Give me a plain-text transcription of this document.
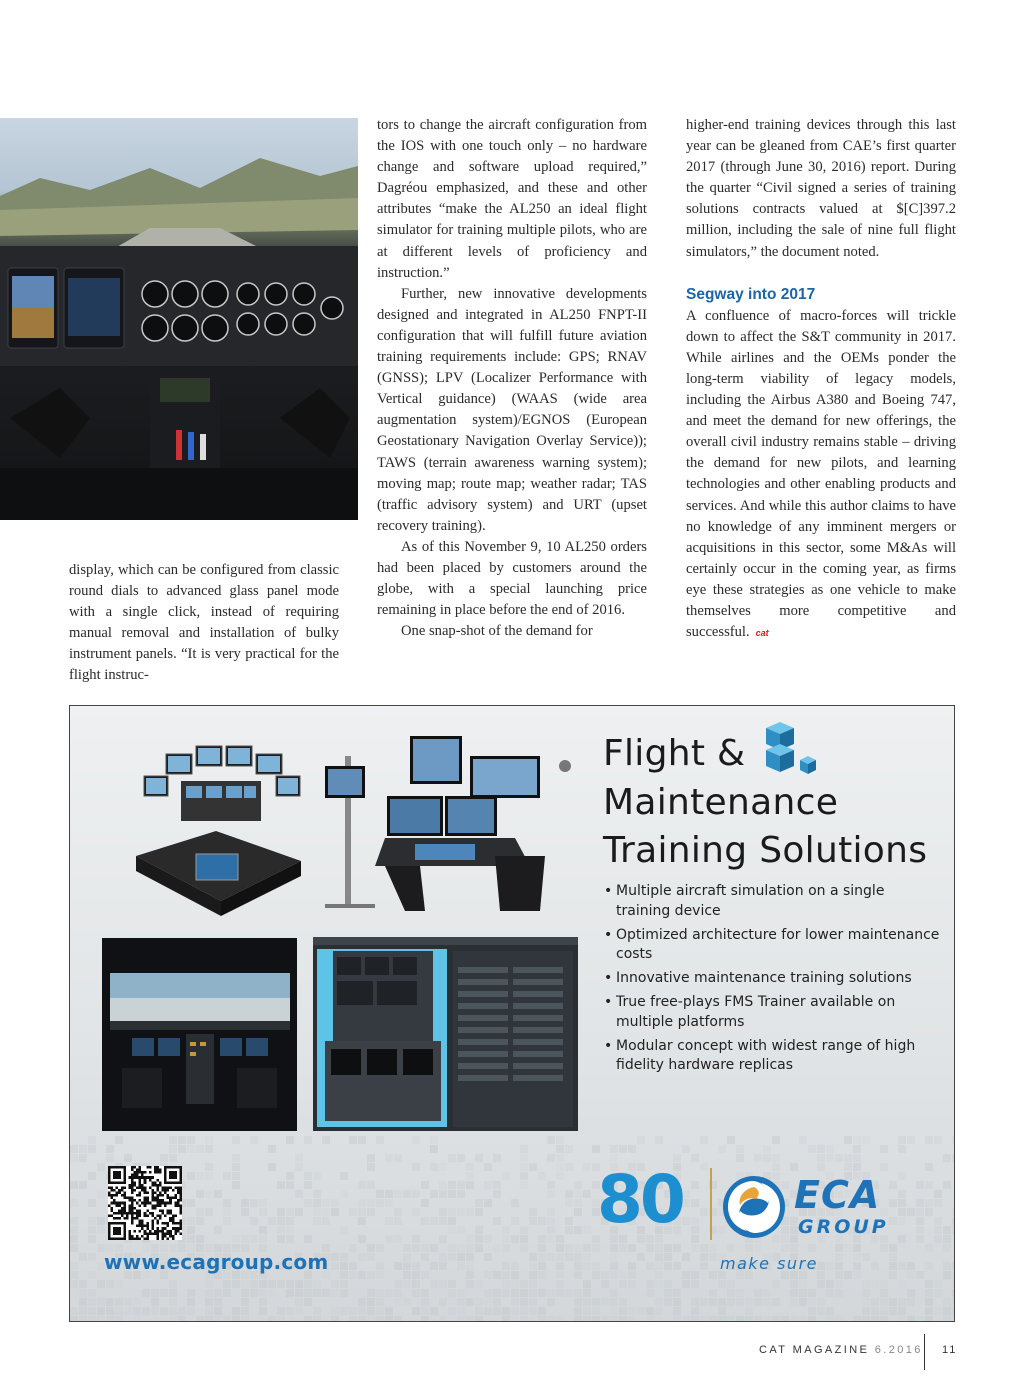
display, which can be configured from classic round dials to advanced glass panel mode with a single click, instead of requiring manual removal and installation of bulky instrument panels. “It is very practical for the flight instruc-

tors to change the aircraft configuration from the IOS with one touch only – no hardware change and software upload required,” Dagréou emphasized, and these and other attributes “make the AL250 an ideal flight simulator for training multiple pilots, who are at different levels of proficiency and instruction.”

Further, new innovative developments designed and integrated in AL250 FNPT-II configuration that will fulfill future aviation training requirements include: GPS; RNAV (GNSS); LPV (Localizer Performance with Vertical guidance) (WAAS (wide area augmentation system)/EGNOS (European Geostationary Navigation Overlay Service)); TAWS (terrain awareness warning system); moving map; route map; weather radar; TAS (traffic advisory system) and URT (upset recovery training).

As of this November 9, 10 AL250 orders had been placed by customers around the globe, with a special launching price remaining in place before the end of 2016.

One snap-shot of the demand for

higher-end training devices through this last year can be gleaned from CAE’s first quarter 2017 (through June 30, 2016) report. During the quarter “Civil signed a series of training solutions contracts valued at $[C]397.2 million, including the sale of nine full flight simulators,” the document noted.

Segway into 2017

A confluence of macro-forces will trickle down to affect the S&T community in 2017. While airlines and the OEMs ponder the long-term viability of legacy models, including the Airbus A380 and Boeing 747, and meet the demand for new offerings, the overall civil industry remains stable – driving the demand for new pilots, and learning technologies and other enabling products and services. And while this author claims to have no knowledge of any imminent mergers or acquisitions in this sector, some M&As will certainly occur in the coming year, as firms eye these strategies as one vehicle to make themselves more competitive and successful. cat

Flight &
Maintenance
Training Solutions
• Multiple aircraft simulation on a single training device
• Optimized architecture for lower maintenance costs
• Innovative maintenance training solutions
• True free-plays FMS Trainer available on multiple platforms
• Modular concept with widest range of high fidelity hardware replicas
www.ecagroup.com
80	ECA
GROUP
make sure
CAT MAGAZINE 6.2016 11
